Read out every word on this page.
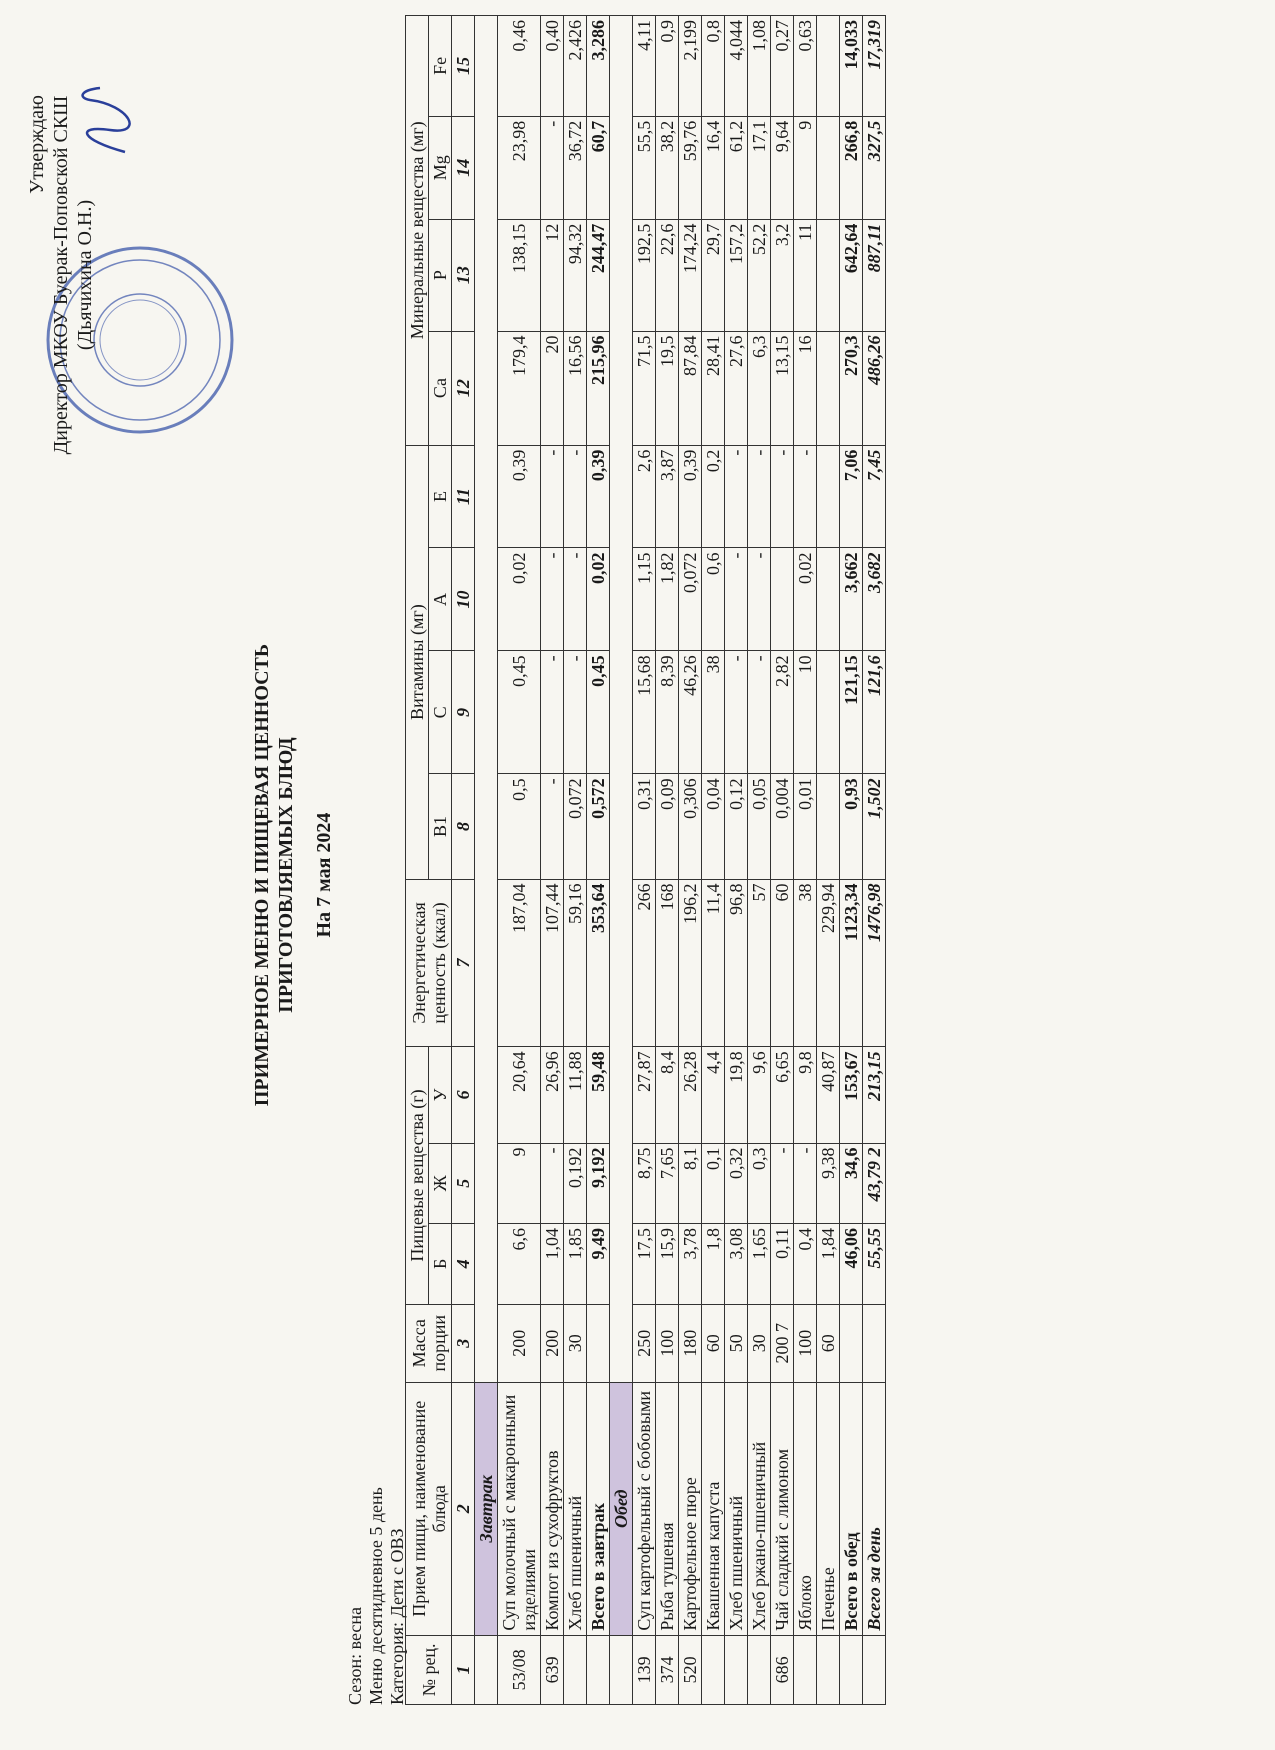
Утверждаю Директор МКОУ Буерак-Поповской СКШ (Дьячихина О.Н.)
ПРИМЕРНОЕ МЕНЮ И ПИЩЕВАЯ ЦЕННОСТЬ ПРИГОТОВЛЯЕМЫХ БЛЮД На 7 мая 2024
Сезон: весна Меню десятидневное 5 день Категория: Дети с ОВЗ № рец.	Прием пищи, наименование блюда	Масса порции	Пищевые вещества (г)			Энергетическая ценность (ккал)	Витамины (мг)				Минеральные вещества (мг)			
			Б	Ж	У		B1	C	A	E	Ca	P	Mg	Fe
1	2	3	4	5	6	7	8	9	10	11	12	13	14	15
	Завтрак													
53/08	Суп молочный с макаронными изделиями	200	6,6	9	20,64	187,04	0,5	0,45	0,02	0,39	179,4	138,15	23,98	0,46
639	Компот из сухофруктов	200	1,04	-	26,96	107,44	-	-	-	-	20	12	-	0,40
	Хлеб пшеничный	30	1,85	0,192	11,88	59,16	0,072	-	-	-	16,56	94,32	36,72	2,426
	Всего в завтрак		9,49	9,192	59,48	353,64	0,572	0,45	0,02	0,39	215,96	244,47	60,7	3,286
	Обед													
139	Суп картофельный с бобовыми	250	17,5	8,75	27,87	266	0,31	15,68	1,15	2,6	71,5	192,5	55,5	4,11
374	Рыба тушеная	100	15,9	7,65	8,4	168	0,09	8,39	1,82	3,87	19,5	22,6	38,2	0,9
520	Картофельное пюре	180	3,78	8,1	26,28	196,2	0,306	46,26	0,072	0,39	87,84	174,24	59,76	2,199
	Квашенная капуста	60	1,8	0,1	4,4	11,4	0,04	38	0,6	0,2	28,41	29,7	16,4	0,8
	Хлеб пшеничный	50	3,08	0,32	19,8	96,8	0,12	-	-	-	27,6	157,2	61,2	4,044
	Хлеб ржано-пшеничный	30	1,65	0,3	9,6	57	0,05	-	-	-	6,3	52,2	17,1	1,08
686	Чай сладкий с лимоном	200 7	0,11	-	6,65	60	0,004	2,82		-	13,15	3,2	9,64	0,27
	Яблоко	100	0,4	-	9,8	38	0,01	10	0,02	-	16	11	9	0,63
	Печенье	60	1,84	9,38	40,87	229,94								
	Всего в обед		46,06	34,6	153,67	1123,34	0,93	121,15	3,662	7,06	270,3	642,64	266,8	14,033
	Всего за день		55,55	43,79 2	213,15	1476,98	1,502	121,6	3,682	7,45	486,26	887,11	327,5	17,319
